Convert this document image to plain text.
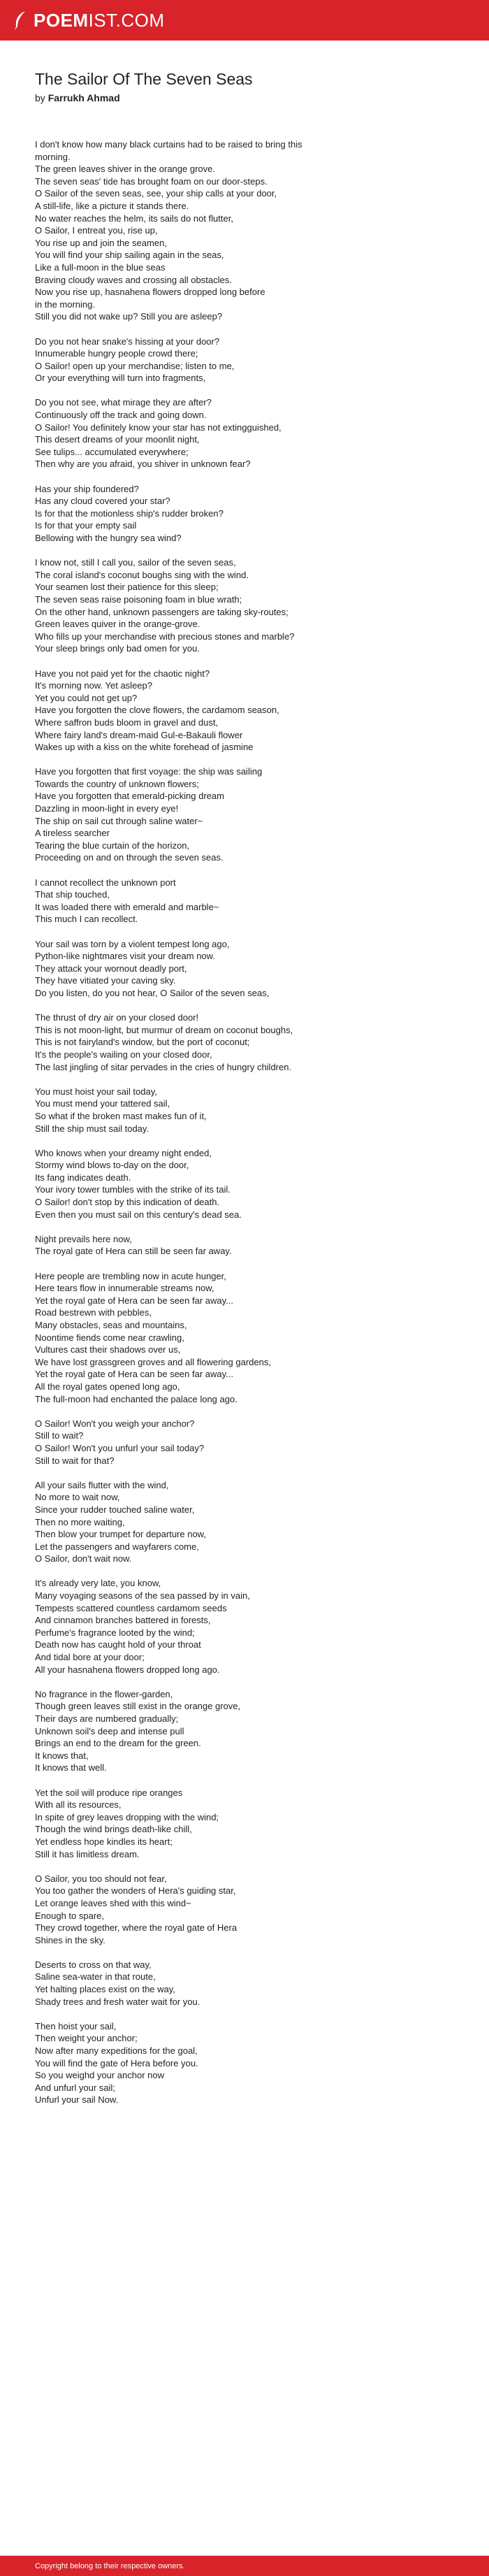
POEM IST.COM
The Sailor Of The Seven Seas
by Farrukh Ahmad

I don't know how many black curtains had to be raised to bring this
morning.
The green leaves shiver in the orange grove.
The seven seas' tide has brought foam on our door-steps.
O Sailor of the seven seas, see, your ship calls at your door,
A still-life, like a picture it stands there.
No water reaches the helm, its sails do not flutter,
O Sailor, I entreat you, rise up,
You rise up and join the seamen,
You will find your ship sailing again in the seas,
Like a full-moon in the blue seas
Braving cloudy waves and crossing all obstacles.
Now you rise up, hasnahena flowers dropped long before
in the morning.
Still you did not wake up? Still you are asleep?

Do you not hear snake's hissing at your door?
Innumerable hungry people crowd there;
O Sailor! open up your merchandise; listen to me,
Or your everything will turn into fragments,

Do you not see, what mirage they are after?
Continuously off the track and going down.
O Sailor! You definitely know your star has not extingguished,
This desert dreams of your moonlit night,
See tulips... accumulated everywhere;
Then why are you afraid, you shiver in unknown fear?

Has your ship foundered?
Has any cloud covered your star?
Is for that the motionless ship's rudder broken?
Is for that your empty sail
Bellowing with the hungry sea wind?

I know not, still I call you, sailor of the seven seas,
The coral island's coconut boughs sing with the wind.
Your seamen lost their patience for this sleep;
The seven seas raise poisoning foam in blue wrath;
On the other hand, unknown passengers are taking sky-routes;
Green leaves quiver in the orange-grove.
Who fills up your merchandise with precious stones and marble?
Your sleep brings only bad omen for you.

Have you not paid yet for the chaotic night?
It's morning now. Yet asleep?
Yet you could not get up?
Have you forgotten the clove flowers, the cardamom season,
Where saffron buds bloom in gravel and dust,
Where fairy land's dream-maid Gul-e-Bakauli flower
Wakes up with a kiss on the white forehead of jasmine

Have you forgotten that first voyage: the ship was sailing
Towards the country of unknown flowers;
Have you forgotten that emerald-picking dream
Dazzling in moon-light in every eye!
The ship on sail cut through saline water~
A tireless searcher
Tearing the blue curtain of the horizon,
Proceeding on and on through the seven seas.

I cannot recollect the unknown port
That ship touched,
It was loaded there with emerald and marble~
This much I can recollect.

Your sail was torn by a violent tempest long ago,
Python-like nightmares visit your dream now.
They attack your wornout deadly port,
They have vitiated your caving sky.
Do you listen, do you not hear, O Sailor of the seven seas,

The thrust of dry air on your closed door!
This is not moon-light, but murmur of dream on coconut boughs,
This is not fairyland's window, but the port of coconut;
It's the people's wailing on your closed door,
The last jingling of sitar pervades in the cries of hungry children.

You must hoist your sail today,
You must mend your tattered sail,
So what if the broken mast makes fun of it,
Still the ship must sail today.

Who knows when your dreamy night ended,
Stormy wind blows to-day on the door,
Its fang indicates death.
Your ivory tower tumbles with the strike of its tail.
O Sailor! don't stop by this indication of death.
Even then you must sail on this century's dead sea.

Night prevails here now,
The royal gate of Hera can still be seen far away.

Here people are trembling now in acute hunger,
Here tears flow in innumerable streams now,
Yet the royal gate of Hera can be seen far away...
Road bestrewn with pebbles,
Many obstacles, seas and mountains,
Noontime fiends come near crawling,
Vultures cast their shadows over us,
We have lost grassgreen groves and all flowering gardens,
Yet the royal gate of Hera can be seen far away...
All the royal gates opened long ago,
The full-moon had enchanted the palace long ago.

O Sailor! Won't you weigh your anchor?
Still to wait?
O Sailor! Won't you unfurl your sail today?
Still to wait for that?

All your sails flutter with the wind,
No more to wait now,
Since your rudder touched saline water,
Then no more waiting,
Then blow your trumpet for departure now,
Let the passengers and wayfarers come,
O Sailor, don't wait now.

It's already very late, you know,
Many voyaging seasons of the sea passed by in vain,
Tempests scattered countless cardamom seeds
And cinnamon branches battered in forests,
Perfume's fragrance looted by the wind;
Death now has caught hold of your throat
And tidal bore at your door;
All your hasnahena flowers dropped long ago.

No fragrance in the flower-garden,
Though green leaves still exist in the orange grove,
Their days are numbered gradually;
Unknown soil's deep and intense pull
Brings an end to the dream for the green.
It knows that,
It knows that well.

Yet the soil will produce ripe oranges
With all its resources,
In spite of grey leaves dropping with the wind;
Though the wind brings death-like chill,
Yet endless hope kindles its heart;
Still it has limitless dream.

O Sailor, you too should not fear,
You too gather the wonders of Hera's guiding star,
Let orange leaves shed with this wind~
Enough to spare,
They crowd together, where the royal gate of Hera
Shines in the sky.

Deserts to cross on that way,
Saline sea-water in that route,
Yet halting places exist on the way,
Shady trees and fresh water wait for you.

Then hoist your sail,
Then weight your anchor;
Now after many expeditions for the goal,
You will find the gate of Hera before you.
So you weighd your anchor now
And unfurl your sail;
Unfurl your sail Now.

Copyright belong to their respective owners.
